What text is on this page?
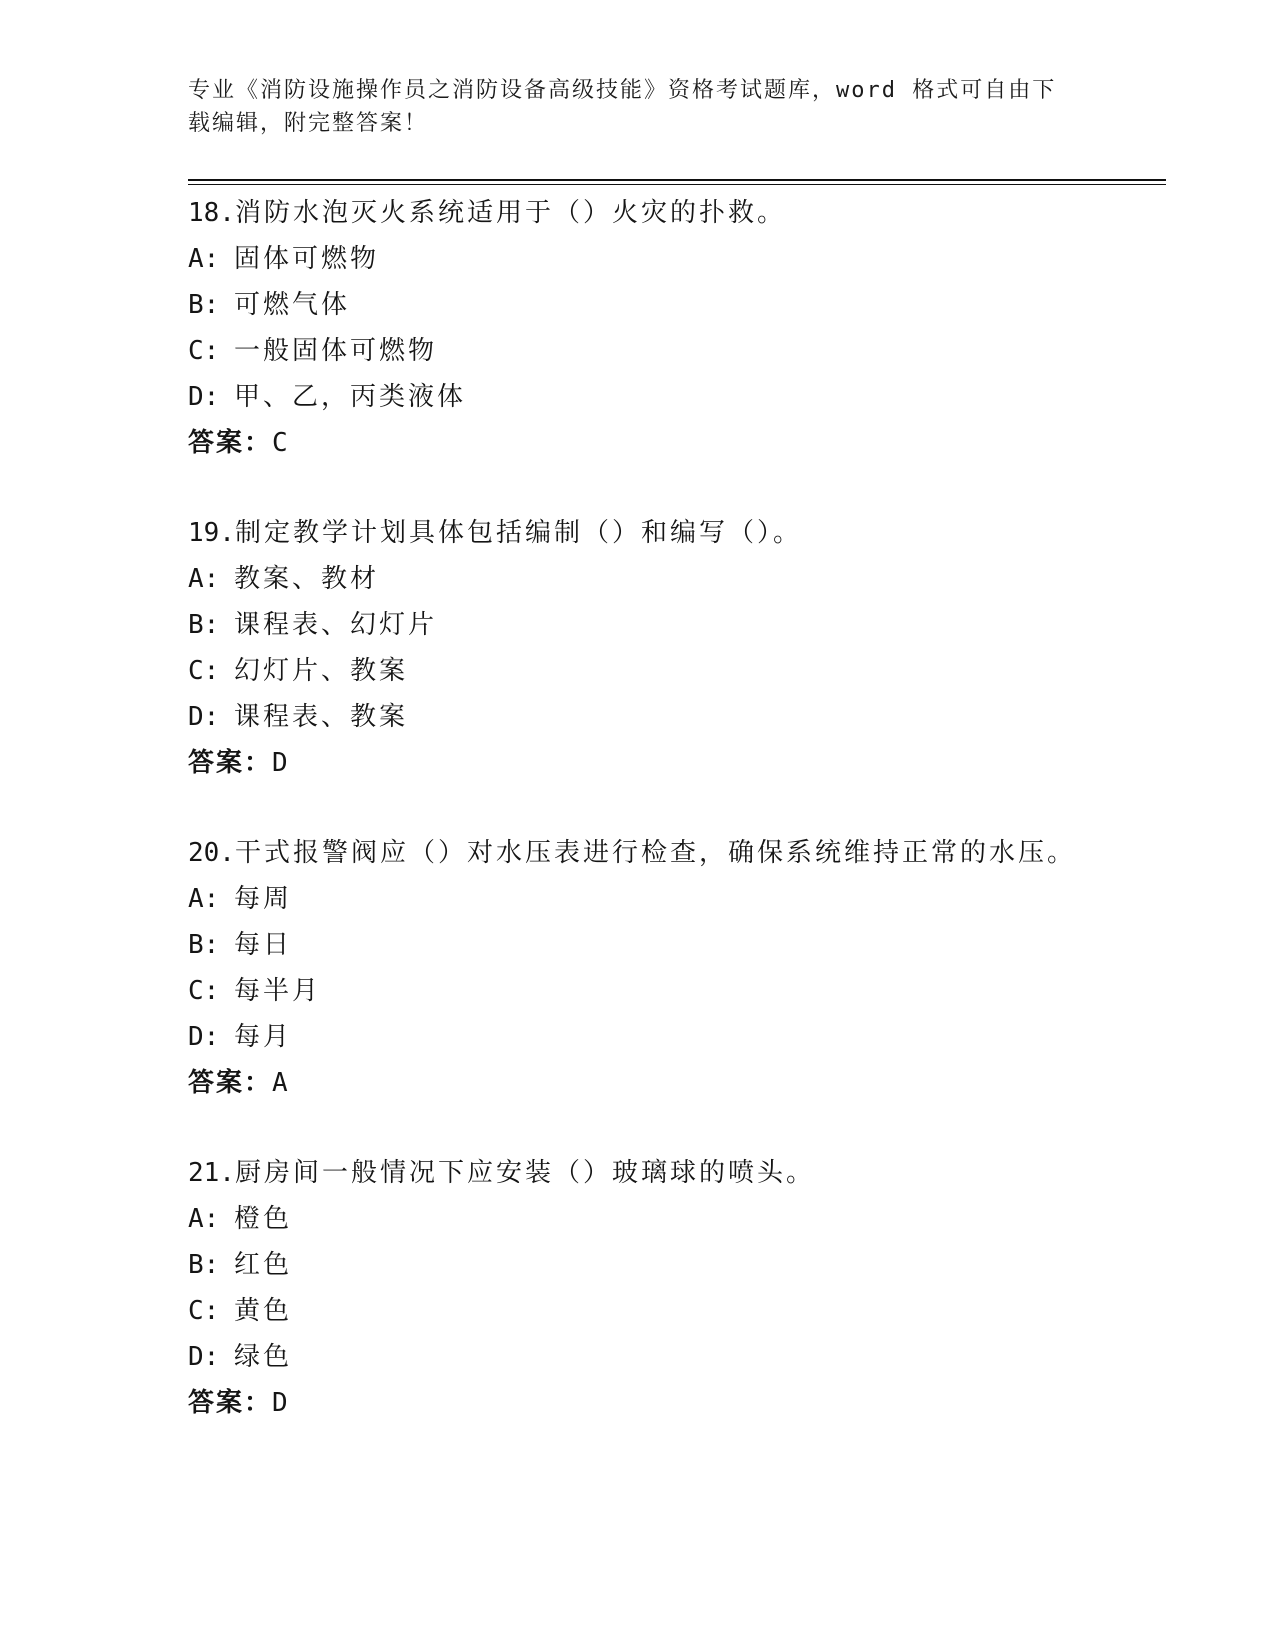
专业《消防设施操作员之消防设备高级技能》资格考试题库，word 格式可自由下
载编辑，附完整答案！
18.消防水泡灭火系统适用于（）火灾的扑救。
A: 固体可燃物
B: 可燃气体
C: 一般固体可燃物
D: 甲、乙，丙类液体
答案：C
19.制定教学计划具体包括编制（）和编写（）。
A: 教案、教材
B: 课程表、幻灯片
C: 幻灯片、教案
D: 课程表、教案
答案：D
20.干式报警阀应（）对水压表进行检查，确保系统维持正常的水压。
A: 每周
B: 每日
C: 每半月
D: 每月
答案：A
21.厨房间一般情况下应安装（）玻璃球的喷头。
A: 橙色
B: 红色
C: 黄色
D: 绿色
答案：D
